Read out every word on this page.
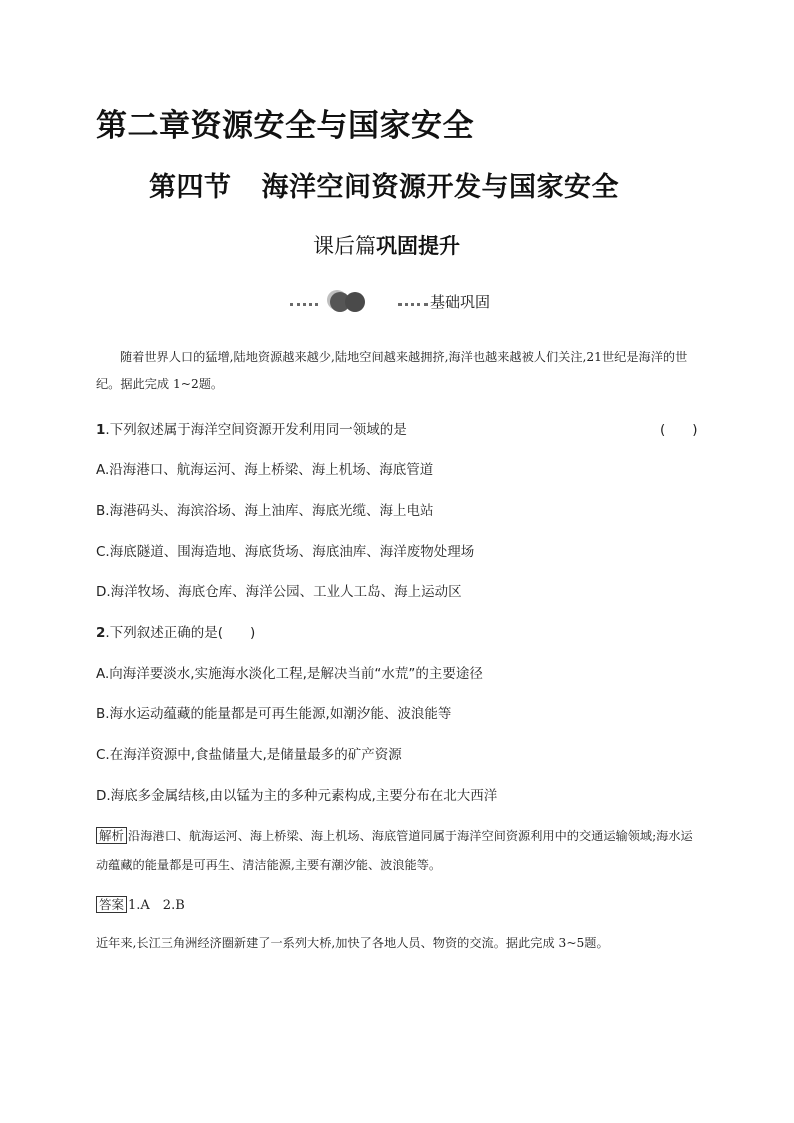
第二章资源安全与国家安全
第四节 海洋空间资源开发与国家安全
课后篇巩固提升
基础巩固
随着世界人口的猛增,陆地资源越来越少,陆地空间越来越拥挤,海洋也越来越被人们关注,21世纪是海洋的世纪。据此完成 1~2题。
1.下列叙述属于海洋空间资源开发利用同一领域的是	(　　)
A.沿海港口、航海运河、海上桥梁、海上机场、海底管道
B.海港码头、海滨浴场、海上油库、海底光缆、海上电站
C.海底隧道、围海造地、海底货场、海底油库、海洋废物处理场
D.海洋牧场、海底仓库、海洋公园、工业人工岛、海上运动区
2.下列叙述正确的是(　　)
A.向海洋要淡水,实施海水淡化工程,是解决当前“水荒”的主要途径
B.海水运动蕴藏的能量都是可再生能源,如潮汐能、波浪能等
C.在海洋资源中,食盐储量大,是储量最多的矿产资源
D.海底多金属结核,由以锰为主的多种元素构成,主要分布在北大西洋
解析 沿海港口、航海运河、海上桥梁、海上机场、海底管道同属于海洋空间资源利用中的交通运输领域;海水运动蕴藏的能量都是可再生、清洁能源,主要有潮汐能、波浪能等。
答案 1.A　2.B
近年来,长江三角洲经济圈新建了一系列大桥,加快了各地人员、物资的交流。据此完成 3~5题。
